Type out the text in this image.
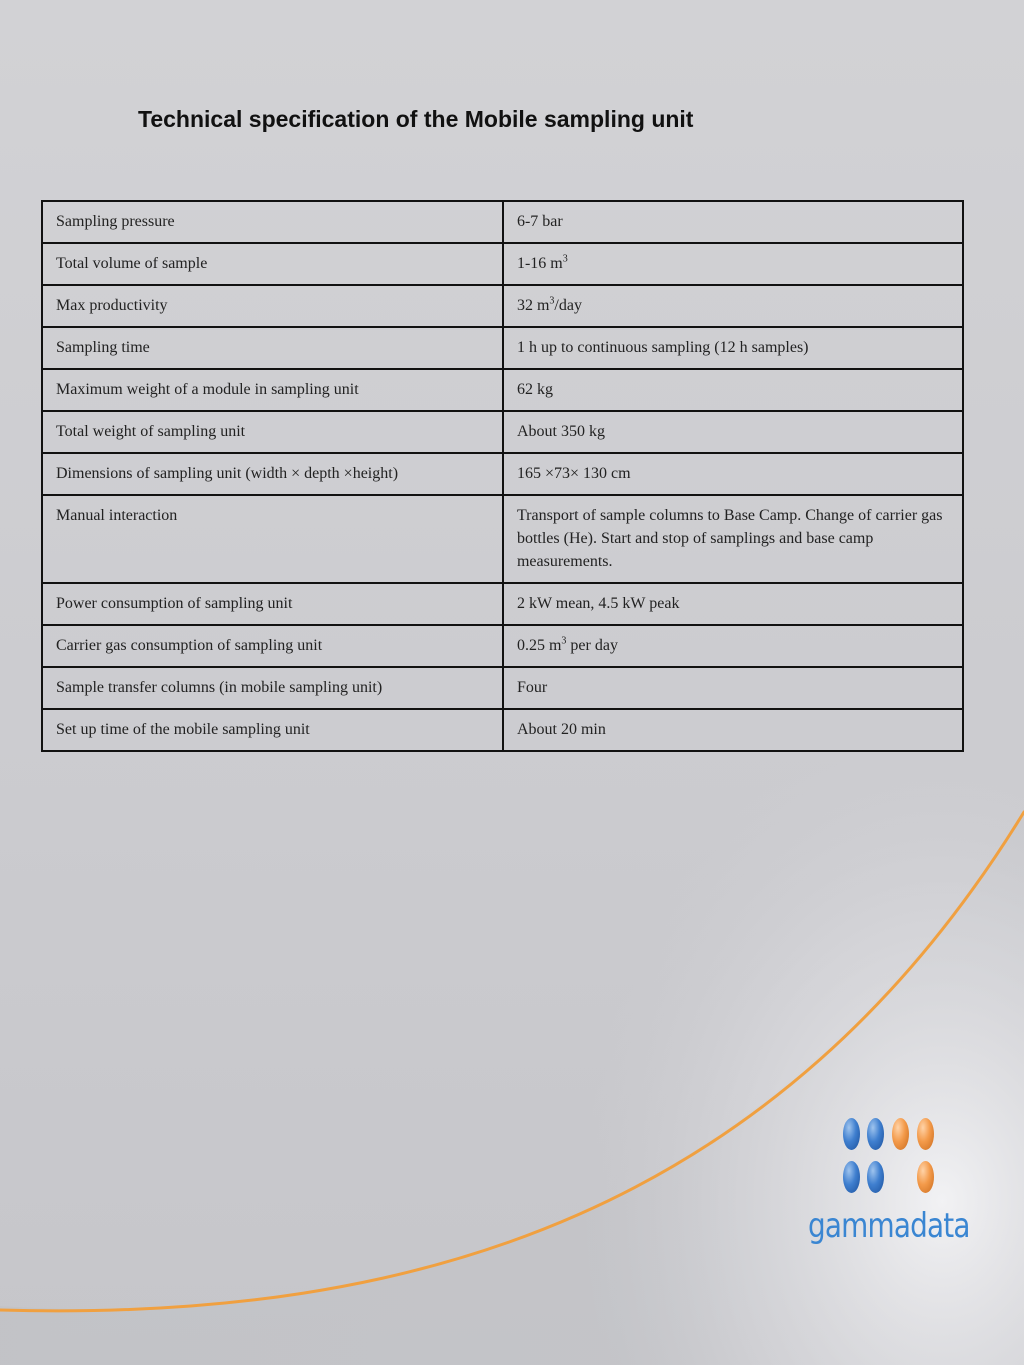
Technical specification of the Mobile sampling unit
Sampling pressure	6-7 bar
Total volume of sample	1-16 $m^3$
Max productivity	32 $m^3$/day
Sampling time	1 h up to continuous sampling (12 h samples)
Maximum weight of a module in sampling unit	62 kg
Total weight of sampling unit	About 350 kg
Dimensions of sampling unit (width × depth ×height)	165 ×73× 130 cm
Manual interaction	Transport of sample columns to Base Camp. Change of carrier gas bottles (He). Start and stop of samplings and base camp measurements.
Power consumption of sampling unit	2 kW mean, 4.5 kW peak
Carrier gas consumption of sampling unit	0.25 $m^3$ per day
Sample transfer columns (in mobile sampling unit)	Four
Set up time of the mobile sampling unit	About 20 min
gammadata
